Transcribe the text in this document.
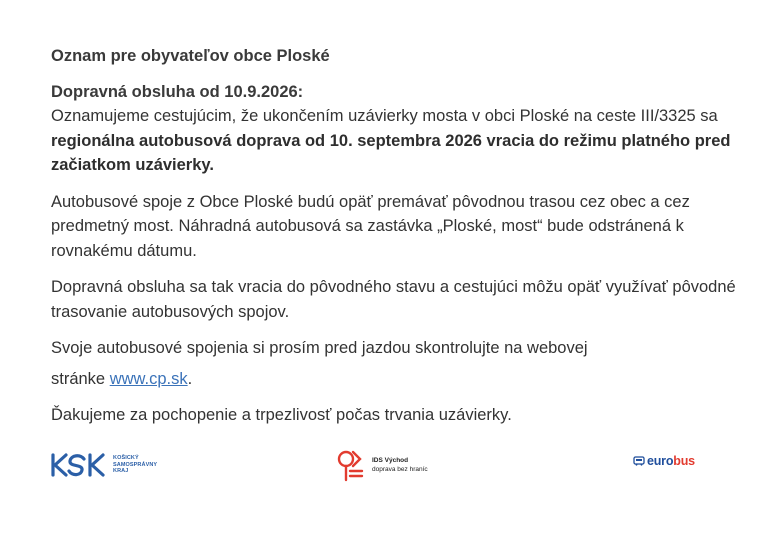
Oznam pre obyvateľov obce Ploské

Dopravná obsluha od 10.9.2026:

Oznamujeme cestujúcim, že ukončením uzávierky mosta v obci Ploské na ceste III/3325 sa regionálna autobusová doprava od 10. septembra 2026 vracia do režimu platného pred začiatkom uzávierky.

Autobusové spoje z Obce Ploské budú opäť premávať pôvodnou trasou cez obec a cez predmetný most. Náhradná autobusová sa zastávka „Ploské, most“ bude odstránená k rovnakému dátumu.

Dopravná obsluha sa tak vracia do pôvodného stavu a cestujúci môžu opäť využívať pôvodné trasovanie autobusových spojov.

Svoje autobusové spojenia si prosím pred jazdou skontrolujte na webovej
stránke www.cp.sk.

Ďakujeme za pochopenie a trpezlivosť počas trvania uzávierky.

KOŠICKÝ
SAMOSPRÁVNY
KRAJ
IDS Východ
doprava bez hraníc
eurobus
